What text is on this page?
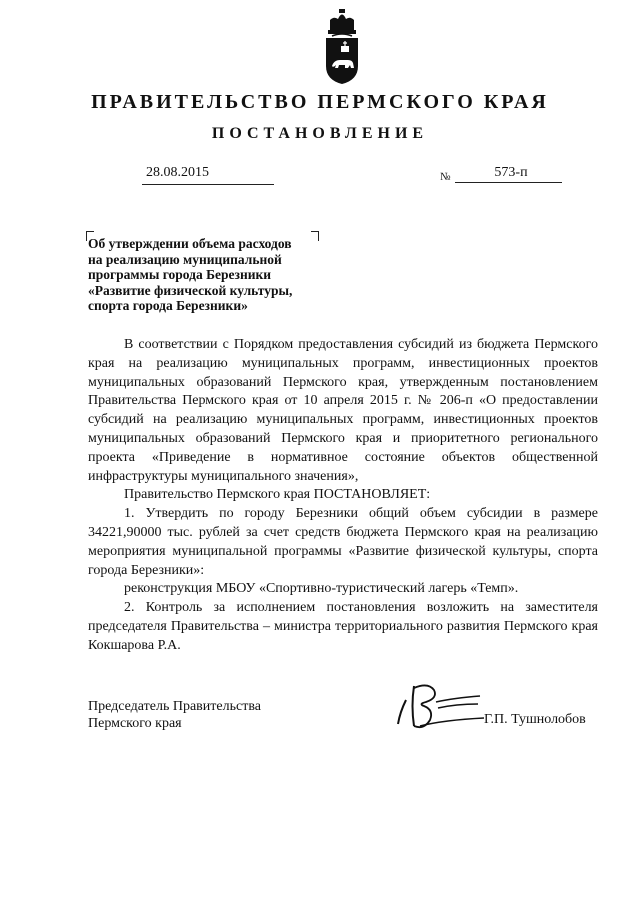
ПРАВИТЕЛЬСТВО ПЕРМСКОГО КРАЯ
ПОСТАНОВЛЕНИЕ
28.08.2015	№	573-п
Об утверждении объема расходов
на реализацию муниципальной
программы города Березники
«Развитие физической культуры,
спорта города Березники»

В соответствии с Порядком предоставления субсидий из бюджета Пермского края на реализацию муниципальных программ, инвестиционных проектов муниципальных образований Пермского края, утвержденным постановлением Правительства Пермского края от 10 апреля 2015 г. № 206-п «О предоставлении субсидий на реализацию муниципальных программ, инвестиционных проектов муниципальных образований Пермского края и приоритетного регионального проекта «Приведение в нормативное состояние объектов общественной инфраструктуры муниципального значения»,

Правительство Пермского края ПОСТАНОВЛЯЕТ:

1. Утвердить по городу Березники общий объем субсидии в размере 34221,90000 тыс. рублей за счет средств бюджета Пермского края на реализацию мероприятия муниципальной программы «Развитие физической культуры, спорта города Березники»:

реконструкция МБОУ «Спортивно-туристический лагерь «Темп».

2. Контроль за исполнением постановления возложить на заместителя председателя Правительства – министра территориального развития Пермского края Кокшарова Р.А.

Председатель Правительства
Пермского края	Г.П. Тушнолобов
